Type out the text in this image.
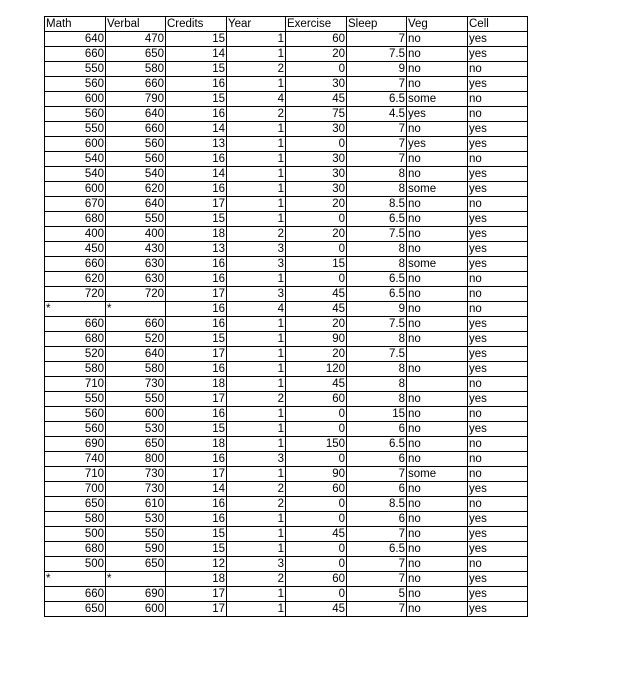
Math	Verbal	Credits	Year	Exercise	Sleep	Veg	Cell
640	470	15	1	60	7	no	yes
660	650	14	1	20	7.5	no	yes
550	580	15	2	0	9	no	no
560	660	16	1	30	7	no	yes
600	790	15	4	45	6.5	some	no
560	640	16	2	75	4.5	yes	no
550	660	14	1	30	7	no	yes
600	560	13	1	0	7	yes	yes
540	560	16	1	30	7	no	no
540	540	14	1	30	8	no	yes
600	620	16	1	30	8	some	yes
670	640	17	1	20	8.5	no	no
680	550	15	1	0	6.5	no	yes
400	400	18	2	20	7.5	no	yes
450	430	13	3	0	8	no	yes
660	630	16	3	15	8	some	yes
620	630	16	1	0	6.5	no	no
720	720	17	3	45	6.5	no	no
*	*	16	4	45	9	no	no
660	660	16	1	20	7.5	no	yes
680	520	15	1	90	8	no	yes
520	640	17	1	20	7.5		yes
580	580	16	1	120	8	no	yes
710	730	18	1	45	8		no
550	550	17	2	60	8	no	yes
560	600	16	1	0	15	no	no
560	530	15	1	0	6	no	yes
690	650	18	1	150	6.5	no	no
740	800	16	3	0	6	no	no
710	730	17	1	90	7	some	no
700	730	14	2	60	6	no	yes
650	610	16	2	0	8.5	no	no
580	530	16	1	0	6	no	yes
500	550	15	1	45	7	no	yes
680	590	15	1	0	6.5	no	yes
500	650	12	3	0	7	no	no
*	*	18	2	60	7	no	yes
660	690	17	1	0	5	no	yes
650	600	17	1	45	7	no	yes
